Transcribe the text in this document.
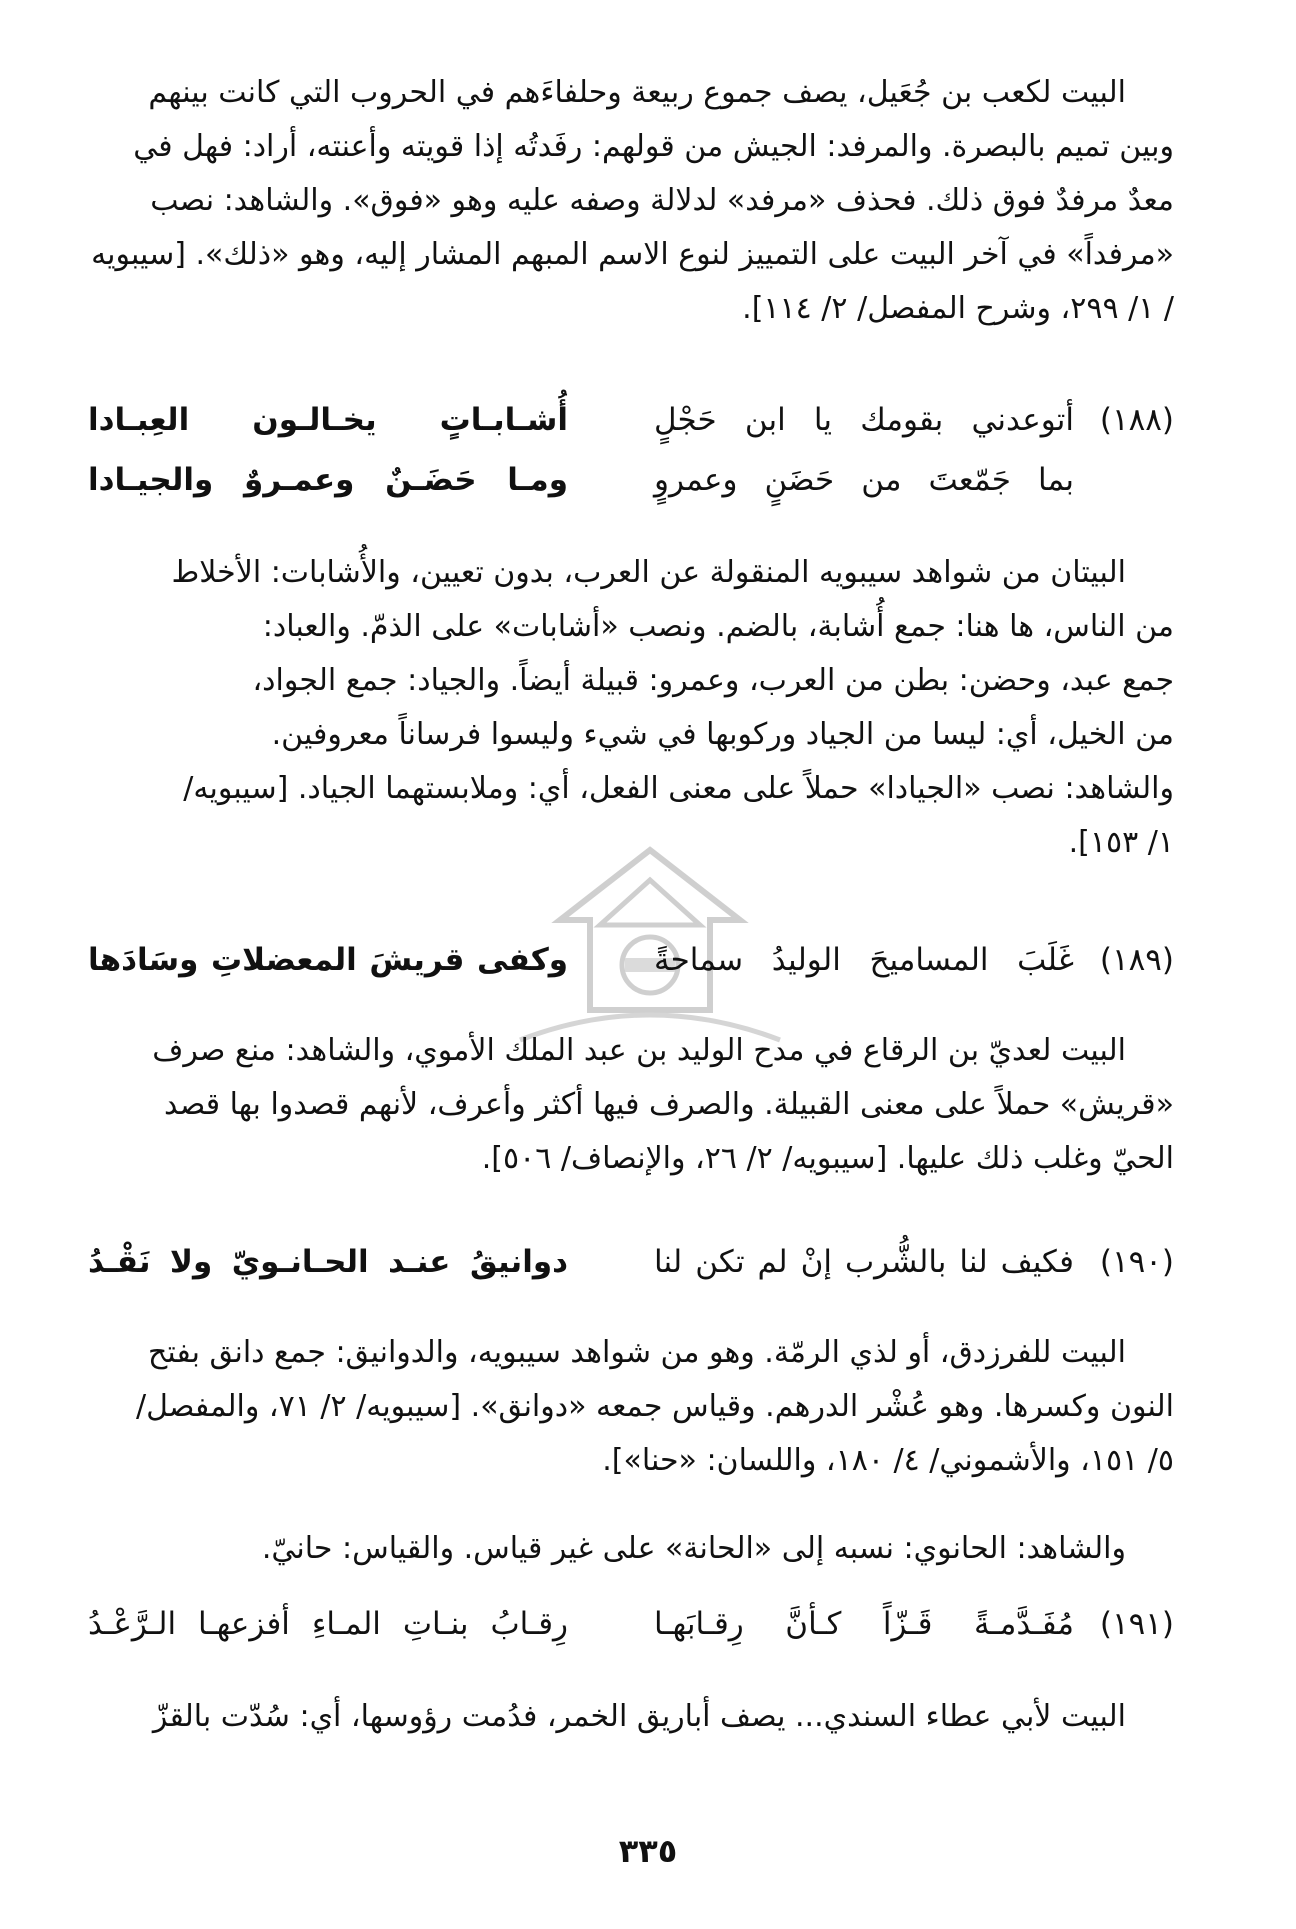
البيت لكعب بن جُعَيل، يصف جموع ربيعة وحلفاءَهم في الحروب التي كانت بينهم

وبين تميم بالبصرة. والمرفد: الجيش من قولهم: رفَدتُه إذا قويته وأعنته، أراد: فهل في

معدٌ مرفدٌ فوق ذلك. فحذف «مرفد» لدلالة وصفه عليه وهو «فوق». والشاهد: نصب

«مرفداً» في آخر البيت على التمييز لنوع الاسم المبهم المشار إليه، وهو «ذلك». [سيبويه

/ ١/ ٢٩٩، وشرح المفصل/ ٢/ ١١٤].

(١٨٨)
أتوعدني بقومك يا ابن حَجْلٍ
أُشـابـاتٍ يخـالـون العِبـادا
بما جَمّعتَ من حَضَنٍ وعمروٍ
ومـا حَضَـنٌ وعمـروٌ والجيـادا

البيتان من شواهد سيبويه المنقولة عن العرب، بدون تعيين، والأُشابات: الأخلاط

من الناس، ها هنا: جمع أُشابة، بالضم. ونصب «أشابات» على الذمّ. والعباد:

جمع عبد، وحضن: بطن من العرب، وعمرو: قبيلة أيضاً. والجياد: جمع الجواد،

من الخيل، أي: ليسا من الجياد وركوبها في شيء وليسوا فرساناً معروفين.

والشاهد: نصب «الجيادا» حملاً على معنى الفعل، أي: وملابستهما الجياد. [سيبويه/

١/ ١٥٣].

(١٨٩)
غَلَبَ المساميحَ الوليدُ سماحةً
وكفى قريشَ المعضلاتِ وسَادَها

البيت لعديّ بن الرقاع في مدح الوليد بن عبد الملك الأموي، والشاهد: منع صرف

«قريش» حملاً على معنى القبيلة. والصرف فيها أكثر وأعرف، لأنهم قصدوا بها قصد

الحيّ وغلب ذلك عليها. [سيبويه/ ٢/ ٢٦، والإنصاف/ ٥٠٦].

(١٩٠)
فكيف لنا بالشُّرب إنْ لم تكن لنا
دوانيقُ عنـد الحـانـويّ ولا نَقْـدُ

البيت للفرزدق، أو لذي الرمّة. وهو من شواهد سيبويه، والدوانيق: جمع دانق بفتح

النون وكسرها. وهو عُشْر الدرهم. وقياس جمعه «دوانق». [سيبويه/ ٢/ ٧١، والمفصل/

٥/ ١٥١، والأشموني/ ٤/ ١٨٠، واللسان: «حنا»].

والشاهد: الحانوي: نسبه إلى «الحانة» على غير قياس. والقياس: حانيّ.

(١٩١)
مُفَـدَّمـةً قَـزّاً كـأنَّ رِقـابَهـا
رِقـابُ بنـاتِ المـاءِ أفزعهـا الـرَّعْـدُ

البيت لأبي عطاء السندي... يصف أباريق الخمر، فدُمت رؤوسها، أي: سُدّت بالقزّ

٣٣٥
